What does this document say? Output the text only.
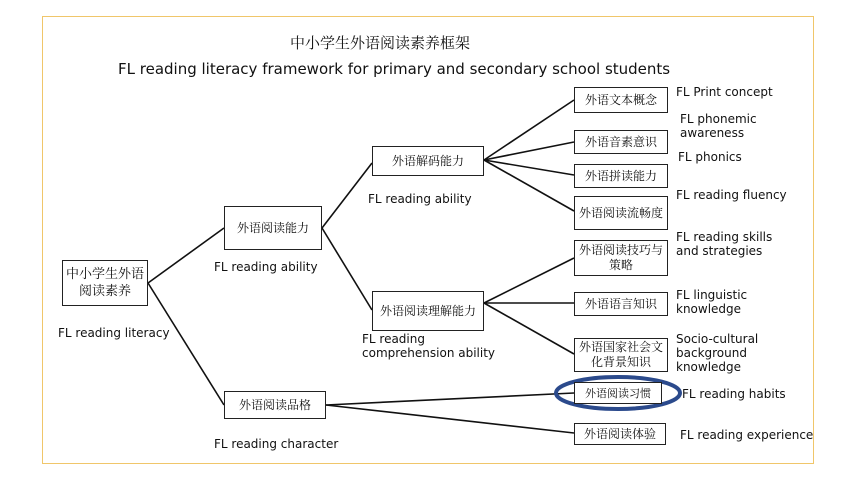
中小学生外语阅读素养框架
FL reading literacy framework for primary and secondary school students
中小学生外语阅读素养
FL reading literacy
外语阅读能力
FL reading ability
外语阅读品格
FL reading character
外语解码能力
FL reading ability
外语阅读理解能力
FL reading comprehension ability
外语文本概念
FL Print concept
外语音素意识
FL phonemic awareness
外语拼读能力
FL phonics
外语阅读流畅度
FL reading fluency
外语阅读技巧与策略
FL reading skills and strategies
外语语言知识
FL linguistic knowledge
外语国家社会文化背景知识
Socio-cultural background knowledge
外语阅读习惯	FL reading habits
外语阅读体验	FL reading experience
